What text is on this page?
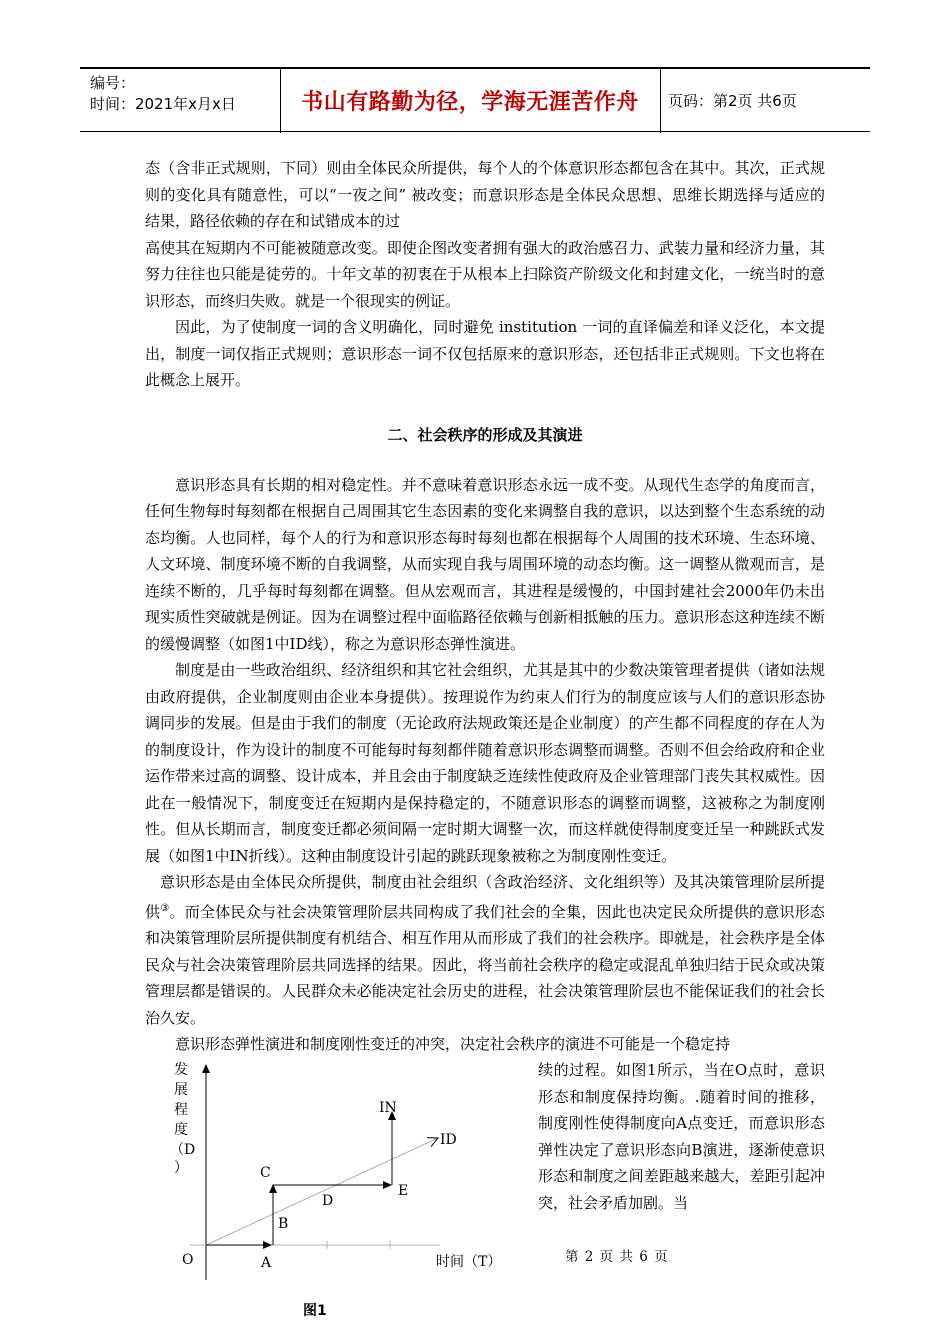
编号：
时间：2021年x月x日	书山有路勤为径，学海无涯苦作舟	页码：第2页 共6页

态（含非正式规则，下同）则由全体民众所提供，每个人的个体意识形态都包含在其中。其次，正式规则的变化具有随意性，可以“一夜之间” 被改变；而意识形态是全体民众思想、思维长期选择与适应的结果，路径依赖的存在和试错成本的过

高使其在短期内不可能被随意改变。即使企图改变者拥有强大的政治感召力、武装力量和经济力量，其努力往往也只能是徒劳的。十年文革的初衷在于从根本上扫除资产阶级文化和封建文化，一统当时的意识形态，而终归失败。就是一个很现实的例证。

因此，为了使制度一词的含义明确化，同时避免 institution 一词的直译偏差和译义泛化，本文提出，制度一词仅指正式规则；意识形态一词不仅包括原来的意识形态，还包括非正式规则。下文也将在此概念上展开。

二、社会秩序的形成及其演进

意识形态具有长期的相对稳定性。并不意味着意识形态永远一成不变。从现代生态学的角度而言，任何生物每时每刻都在根据自己周围其它生态因素的变化来调整自我的意识，以达到整个生态系统的动态均衡。人也同样，每个人的行为和意识形态每时每刻也都在根据每个人周围的技术环境、生态环境、人文环境、制度环境不断的自我调整，从而实现自我与周围环境的动态均衡。这一调整从微观而言，是连续不断的，几乎每时每刻都在调整。但从宏观而言，其进程是缓慢的，中国封建社会2000年仍未出现实质性突破就是例证。因为在调整过程中面临路径依赖与创新相抵触的压力。意识形态这种连续不断的缓慢调整（如图1中ID线），称之为意识形态弹性演进。

制度是由一些政治组织、经济组织和其它社会组织，尤其是其中的少数决策管理者提供（诸如法规由政府提供，企业制度则由企业本身提供）。按理说作为约束人们行为的制度应该与人们的意识形态协调同步的发展。但是由于我们的制度（无论政府法规政策还是企业制度）的产生都不同程度的存在人为的制度设计，作为设计的制度不可能每时每刻都伴随着意识形态调整而调整。否则不但会给政府和企业运作带来过高的调整、设计成本，并且会由于制度缺乏连续性使政府及企业管理部门丧失其权威性。因此在一般情况下，制度变迁在短期内是保持稳定的，不随意识形态的调整而调整，这被称之为制度刚性。但从长期而言，制度变迁都必须间隔一定时期大调整一次，而这样就使得制度变迁呈一种跳跃式发展（如图1中IN折线）。这种由制度设计引起的跳跃现象被称之为制度刚性变迁。

意识形态是由全体民众所提供，制度由社会组织（含政治经济、文化组织等）及其决策管理阶层所提供③。而全体民众与社会决策管理阶层共同构成了我们社会的全集，因此也决定民众所提供的意识形态和决策管理阶层所提供制度有机结合、相互作用从而形成了我们的社会秩序。即就是，社会秩序是全体民众与社会决策管理阶层共同选择的结果。因此，将当前社会秩序的稳定或混乱单独归结于民众或决策管理层都是错误的。人民群众未必能决定社会历史的进程，社会决策管理阶层也不能保证我们的社会长治久安。

意识形态弹性演进和制度刚性变迁的冲突，决定社会秩序的演进不可能是一个稳定持

O	A
B
C
D
E
IN
ID
时间（T）
发
展
程
度
（D
）
续的过程。如图1所示，当在O点时，意识形态和制度保持均衡。.随着时间的推移， 制度刚性使得制度向A点变迁，而意识形态弹性决定了意识形态向B演进，逐渐使意识形态和制度之间差距越来越大，差距引起冲突，社会矛盾加剧。当
第 2 页 共 6 页
图1
